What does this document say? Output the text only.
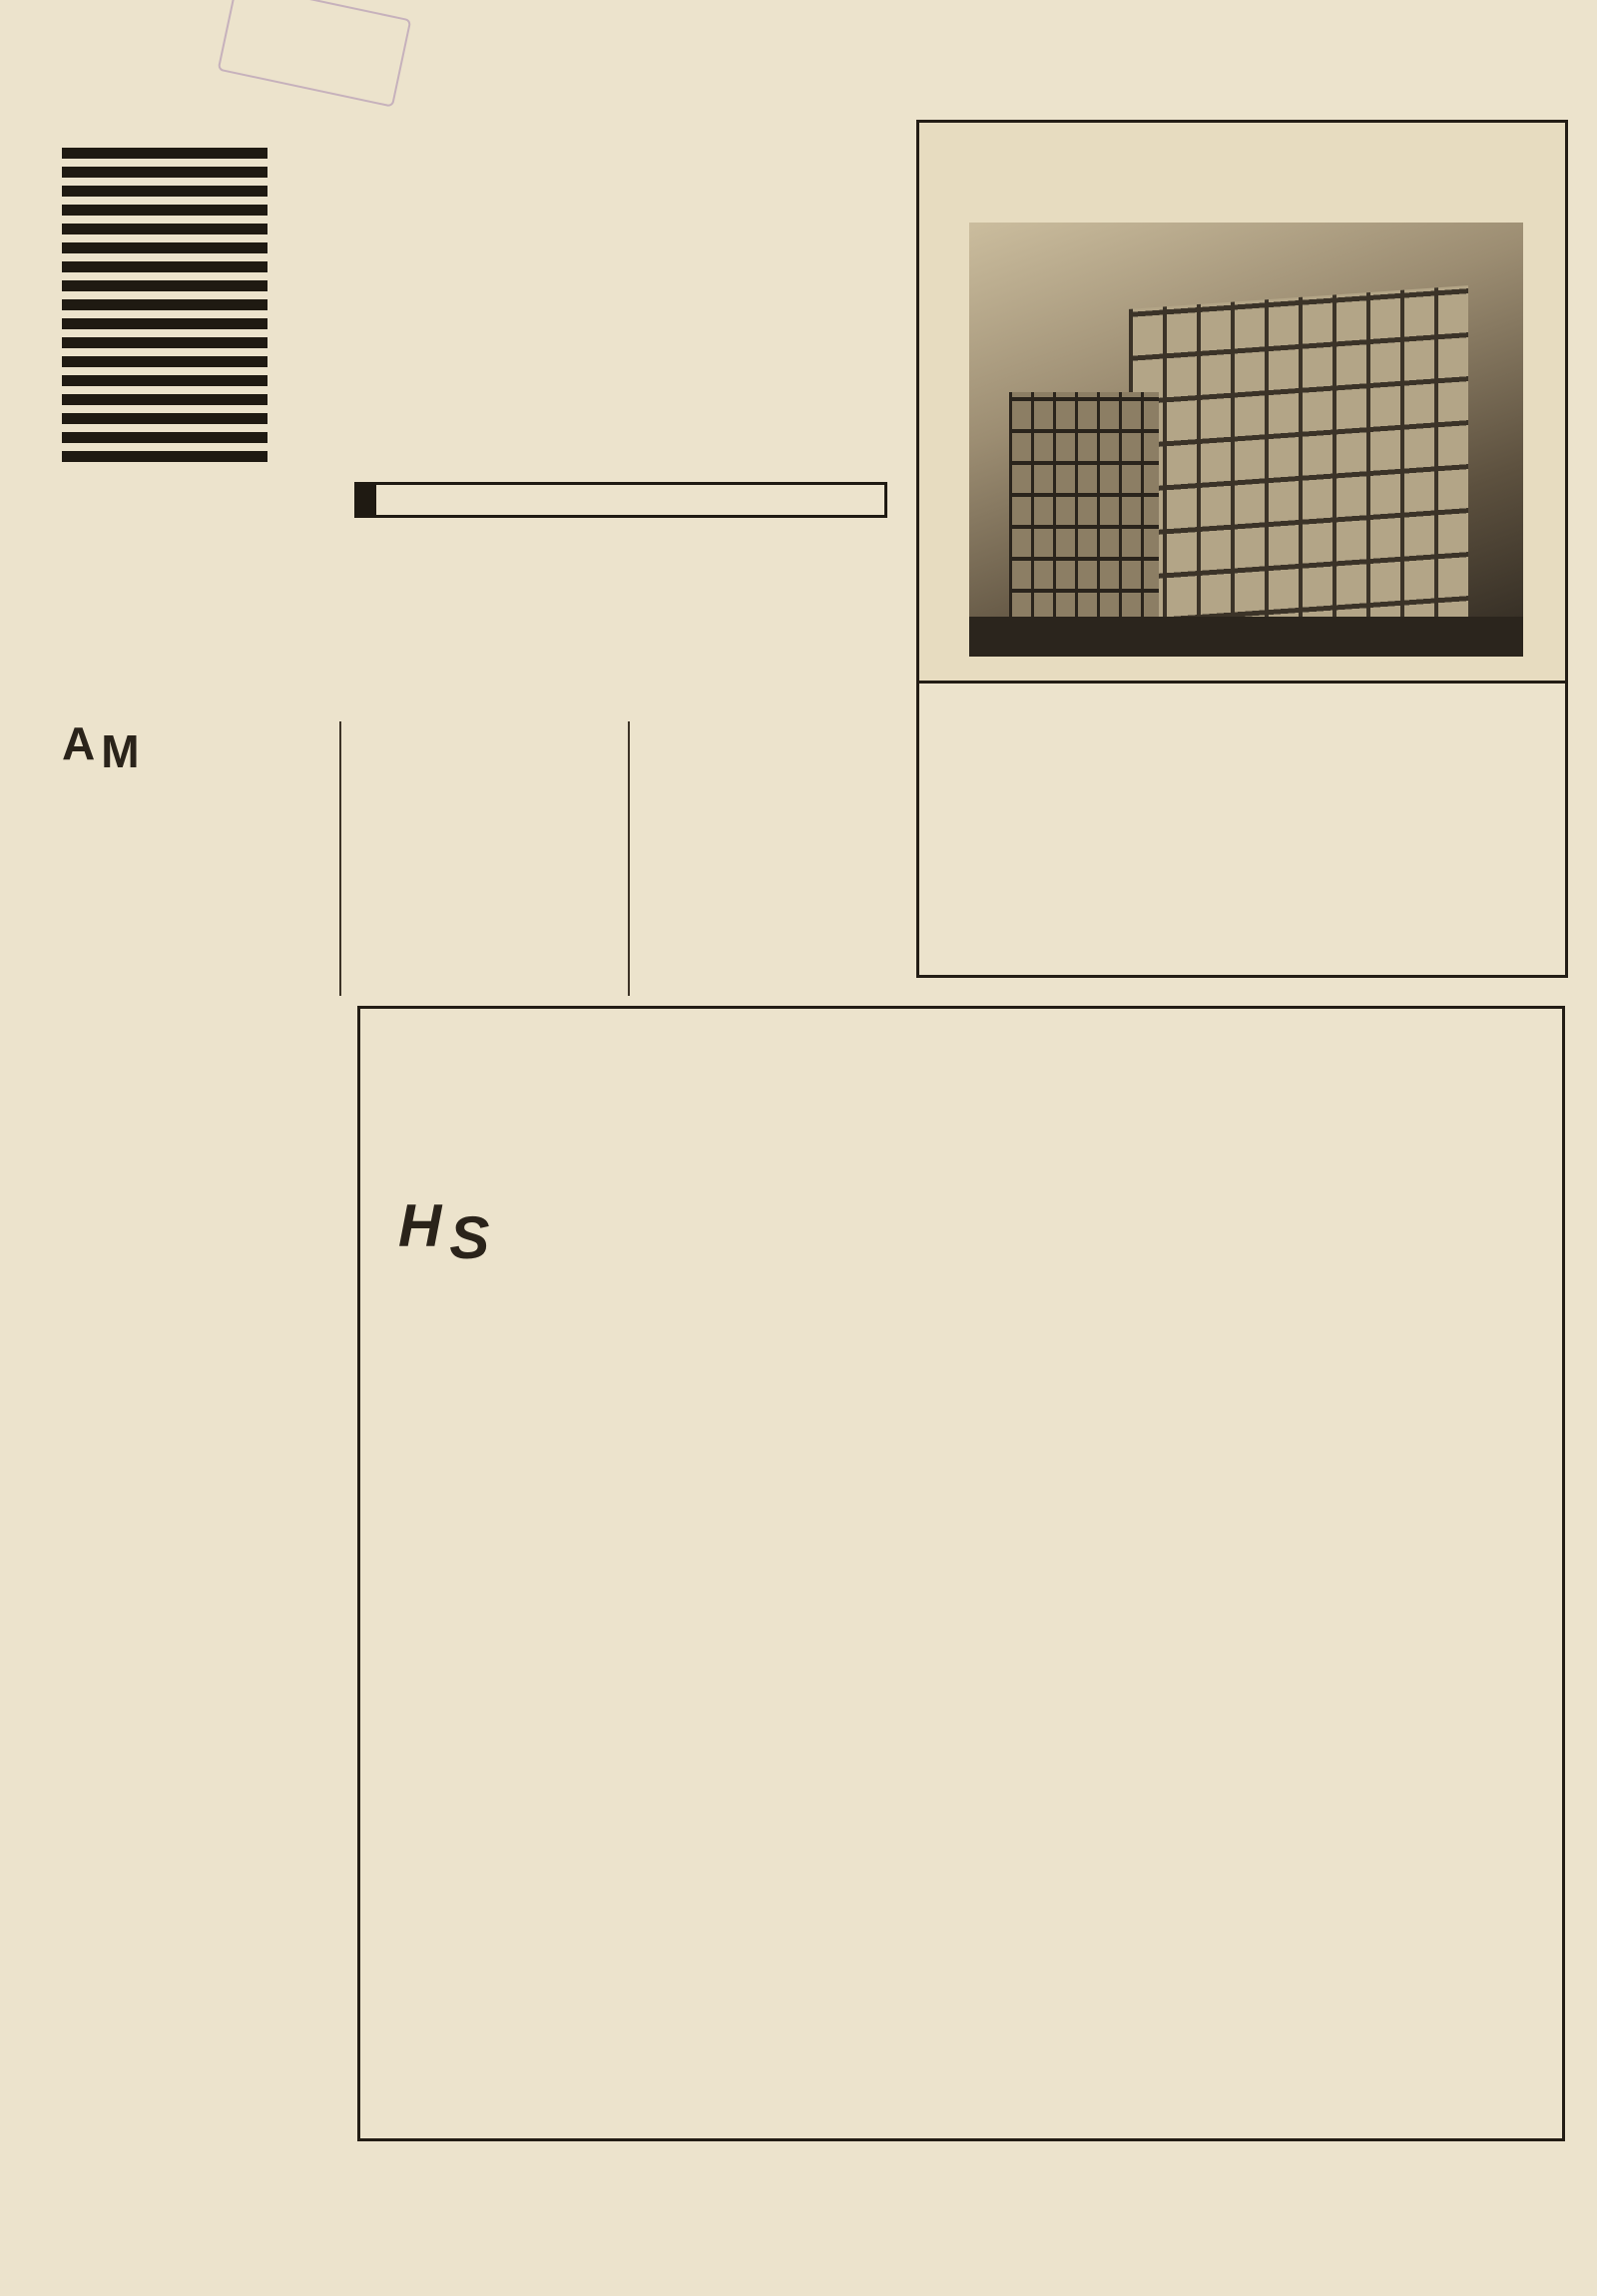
A M

H S
